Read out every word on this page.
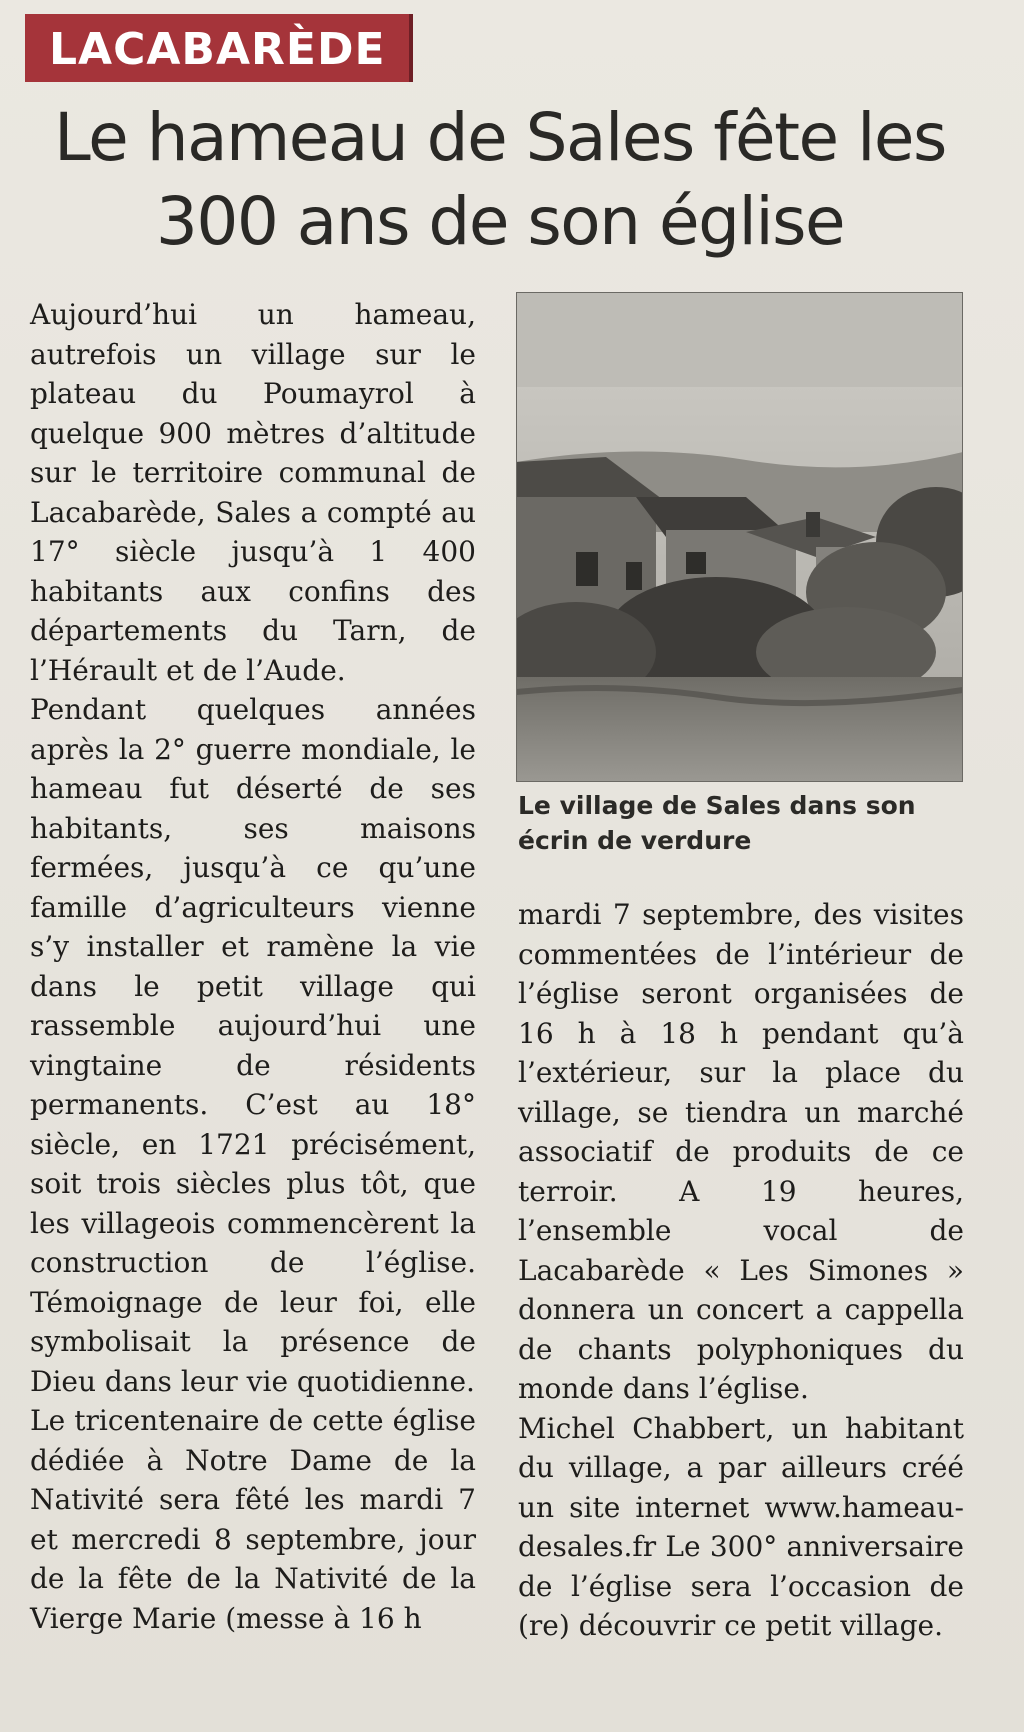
LACABARÈDE
Le hameau de Sales fête les 300 ans de son église

Aujourd’hui un hameau, autrefois un village sur le plateau du Poumayrol à quelque 900 mètres d’altitude sur le territoire communal de Lacabarède, Sales a compté au 17° siècle jusqu’à 1 400 habitants aux confins des départements du Tarn, de l’Hérault et de l’Aude.

Pendant quelques années après la 2° guerre mondiale, le hameau fut déserté de ses habitants, ses maisons fermées, jusqu’à ce qu’une famille d’agriculteurs vienne s’y installer et ramène la vie dans le petit village qui rassemble aujourd’hui une vingtaine de résidents permanents. C’est au 18° siècle, en 1721 précisément, soit trois siècles plus tôt, que les villageois commencèrent la construction de l’église. Témoignage de leur foi, elle symbolisait la présence de Dieu dans leur vie quotidienne.

Le tricentenaire de cette église dédiée à Notre Dame de la Nativité sera fêté les mardi 7 et mercredi 8 septembre, jour de la fête de la Nativité de la Vierge Marie (messe à 16 h

Le village de Sales dans son écrin de verdure

mardi 7 septembre, des visites commentées de l’intérieur de l’église seront organisées de 16 h à 18 h pendant qu’à l’extérieur, sur la place du village, se tiendra un marché associatif de produits de ce terroir. A 19 heures, l’ensemble vocal de Lacabarède « Les Simones » donnera un concert a cappella de chants polyphoniques du monde dans l’église.

Michel Chabbert, un habitant du village, a par ailleurs créé un site internet www.hameau-desales.fr Le 300° anniversaire de l’église sera l’occasion de (re) découvrir ce petit village.
